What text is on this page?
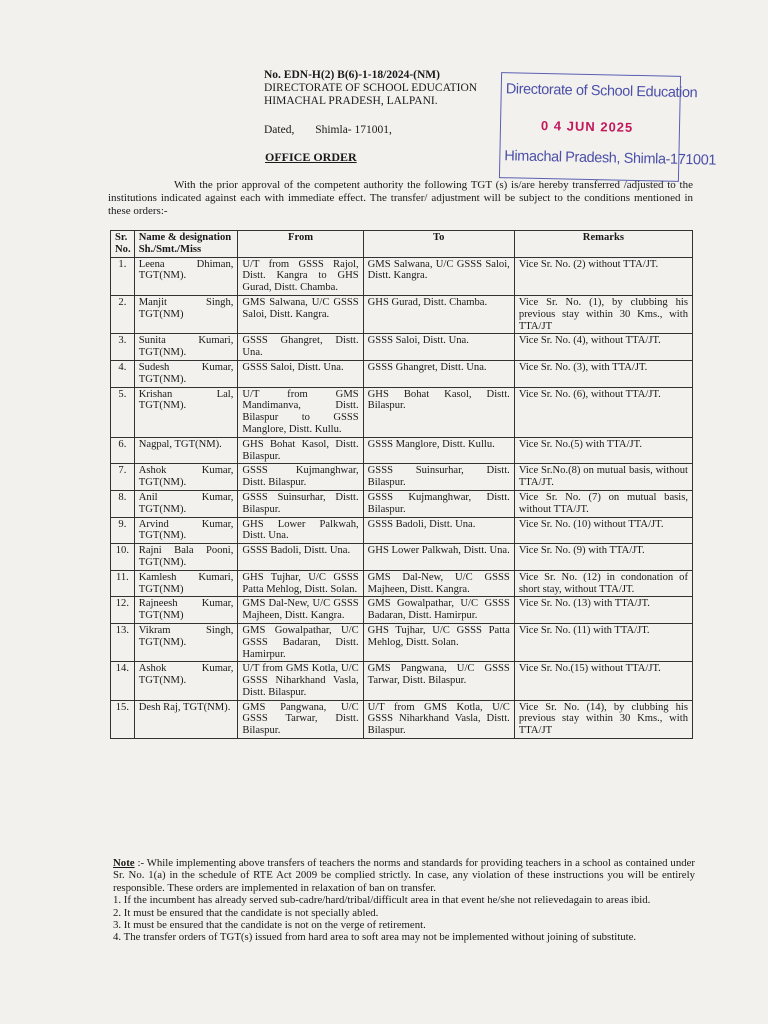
No. EDN-H(2) B(6)-1-18/2024-(NM)
DIRECTORATE OF SCHOOL EDUCATION
HIMACHAL PRADESH, LALPANI.
Dated, Shimla- 171001,
Directorate of School Education
0 4 JUN 2025
Himachal Pradesh, Shimla-171001
OFFICE ORDER
With the prior approval of the competent authority the following TGT (s) is/are hereby transferred /adjusted to the institutions indicated against each with immediate effect. The transfer/ adjustment will be subject to the conditions mentioned in these orders:-
Sr. No.	Name & designation Sh./Smt./Miss	From	To	Remarks
1.	Leena Dhiman, TGT(NM).	U/T from GSSS Rajol, Distt. Kangra to GHS Gurad, Distt. Chamba.	GMS Salwana, U/C GSSS Saloi, Distt. Kangra.	Vice Sr. No. (2) without TTA/JT.
2.	Manjit Singh, TGT(NM)	GMS Salwana, U/C GSSS Saloi, Distt. Kangra.	GHS Gurad, Distt. Chamba.	Vice Sr. No. (1), by clubbing his previous stay within 30 Kms., with TTA/JT
3.	Sunita Kumari, TGT(NM).	GSSS Ghangret, Distt. Una.	GSSS Saloi, Distt. Una.	Vice Sr. No. (4), without TTA/JT.
4.	Sudesh Kumar, TGT(NM).	GSSS Saloi, Distt. Una.	GSSS Ghangret, Distt. Una.	Vice Sr. No. (3), with TTA/JT.
5.	Krishan Lal, TGT(NM).	U/T from GMS Mandimanva, Distt. Bilaspur to GSSS Manglore, Distt. Kullu.	GHS Bohat Kasol, Distt. Bilaspur.	Vice Sr. No. (6), without TTA/JT.
6.	Nagpal, TGT(NM).	GHS Bohat Kasol, Distt. Bilaspur.	GSSS Manglore, Distt. Kullu.	Vice Sr. No.(5) with TTA/JT.
7.	Ashok Kumar, TGT(NM).	GSSS Kujmanghwar, Distt. Bilaspur.	GSSS Suinsurhar, Distt. Bilaspur.	Vice Sr.No.(8) on mutual basis, without TTA/JT.
8.	Anil Kumar, TGT(NM).	GSSS Suinsurhar, Distt. Bilaspur.	GSSS Kujmanghwar, Distt. Bilaspur.	Vice Sr. No. (7) on mutual basis, without TTA/JT.
9.	Arvind Kumar, TGT(NM).	GHS Lower Palkwah, Distt. Una.	GSSS Badoli, Distt. Una.	Vice Sr. No. (10) without TTA/JT.
10.	Rajni Bala Pooni, TGT(NM).	GSSS Badoli, Distt. Una.	GHS Lower Palkwah, Distt. Una.	Vice Sr. No. (9) with TTA/JT.
11.	Kamlesh Kumari, TGT(NM)	GHS Tujhar, U/C GSSS Patta Mehlog, Distt. Solan.	GMS Dal-New, U/C GSSS Majheen, Distt. Kangra.	Vice Sr. No. (12) in condonation of short stay, without TTA/JT.
12.	Rajneesh Kumar, TGT(NM)	GMS Dal-New, U/C GSSS Majheen, Distt. Kangra.	GMS Gowalpathar, U/C GSSS Badaran, Distt. Hamirpur.	Vice Sr. No. (13) with TTA/JT.
13.	Vikram Singh, TGT(NM).	GMS Gowalpathar, U/C GSSS Badaran, Distt. Hamirpur.	GHS Tujhar, U/C GSSS Patta Mehlog, Distt. Solan.	Vice Sr. No. (11) with TTA/JT.
14.	Ashok Kumar, TGT(NM).	U/T from GMS Kotla, U/C GSSS Niharkhand Vasla, Distt. Bilaspur.	GMS Pangwana, U/C GSSS Tarwar, Distt. Bilaspur.	Vice Sr. No.(15) without TTA/JT.
15.	Desh Raj, TGT(NM).	GMS Pangwana, U/C GSSS Tarwar, Distt. Bilaspur.	U/T from GMS Kotla, U/C GSSS Niharkhand Vasla, Distt. Bilaspur.	Vice Sr. No. (14), by clubbing his previous stay within 30 Kms., with TTA/JT

Note :- While implementing above transfers of teachers the norms and standards for providing teachers in a school as contained under Sr. No. 1(a) in the schedule of RTE Act 2009 be complied strictly. In case, any violation of these instructions you will be entirely responsible. These orders are implemented in relaxation of ban on transfer.

1. If the incumbent has already served sub-cadre/hard/tribal/difficult area in that event he/she not relievedagain to areas ibid.

2. It must be ensured that the candidate is not specially abled.

3. It must be ensured that the candidate is not on the verge of retirement.

4. The transfer orders of TGT(s) issued from hard area to soft area may not be implemented without joining of substitute.
